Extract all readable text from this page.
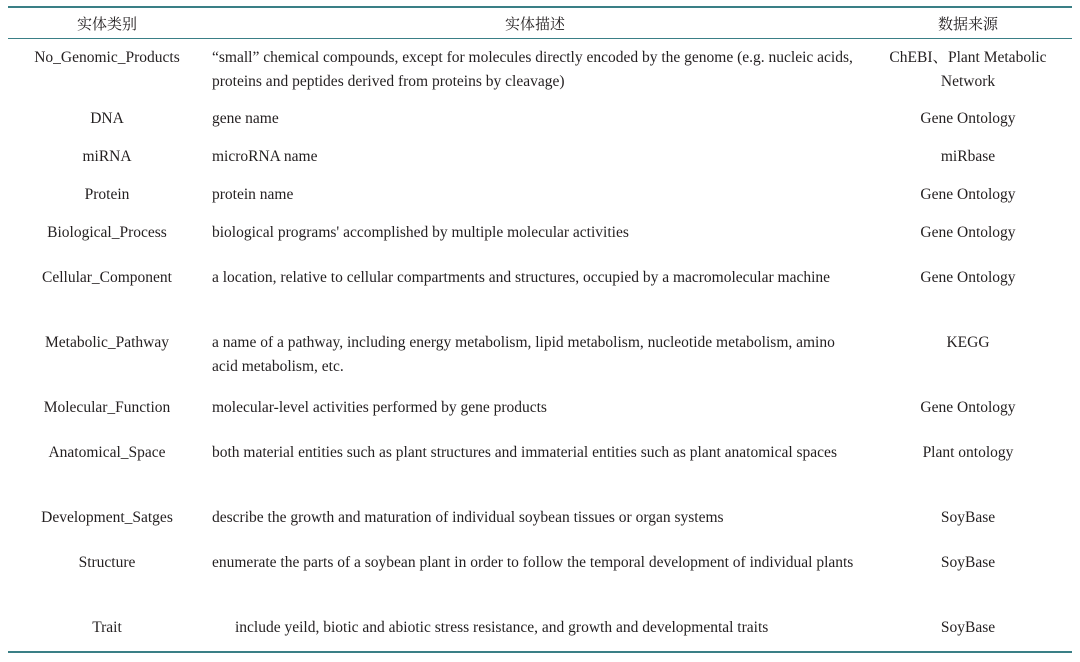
实体类别	实体描述	数据来源
No_Genomic_Products	“small” chemical compounds, except for molecules directly encoded by the genome (e.g. nucleic acids, proteins and peptides derived from proteins by cleavage)	ChEBI、Plant Metabolic Network
DNA	gene name	Gene Ontology
miRNA	microRNA name	miRbase
Protein	protein name	Gene Ontology
Biological_Process	biological programs' accomplished by multiple molecular activities	Gene Ontology
Cellular_Component	a location, relative to cellular compartments and structures, occupied by a macromolecular machine	Gene Ontology
Metabolic_Pathway	a name of a pathway, including energy metabolism, lipid metabolism, nucleotide metabolism, amino acid metabolism, etc.	KEGG
Molecular_Function	molecular-level activities performed by gene products	Gene Ontology
Anatomical_Space	both material entities such as plant structures and immaterial entities such as plant anatomical spaces	Plant ontology
Development_Satges	describe the growth and maturation of individual soybean tissues or organ systems	SoyBase
Structure	enumerate the parts of a soybean plant in order to follow the temporal development of individual plants	SoyBase
Trait	include yeild, biotic and abiotic stress resistance, and growth and developmental traits	SoyBase
